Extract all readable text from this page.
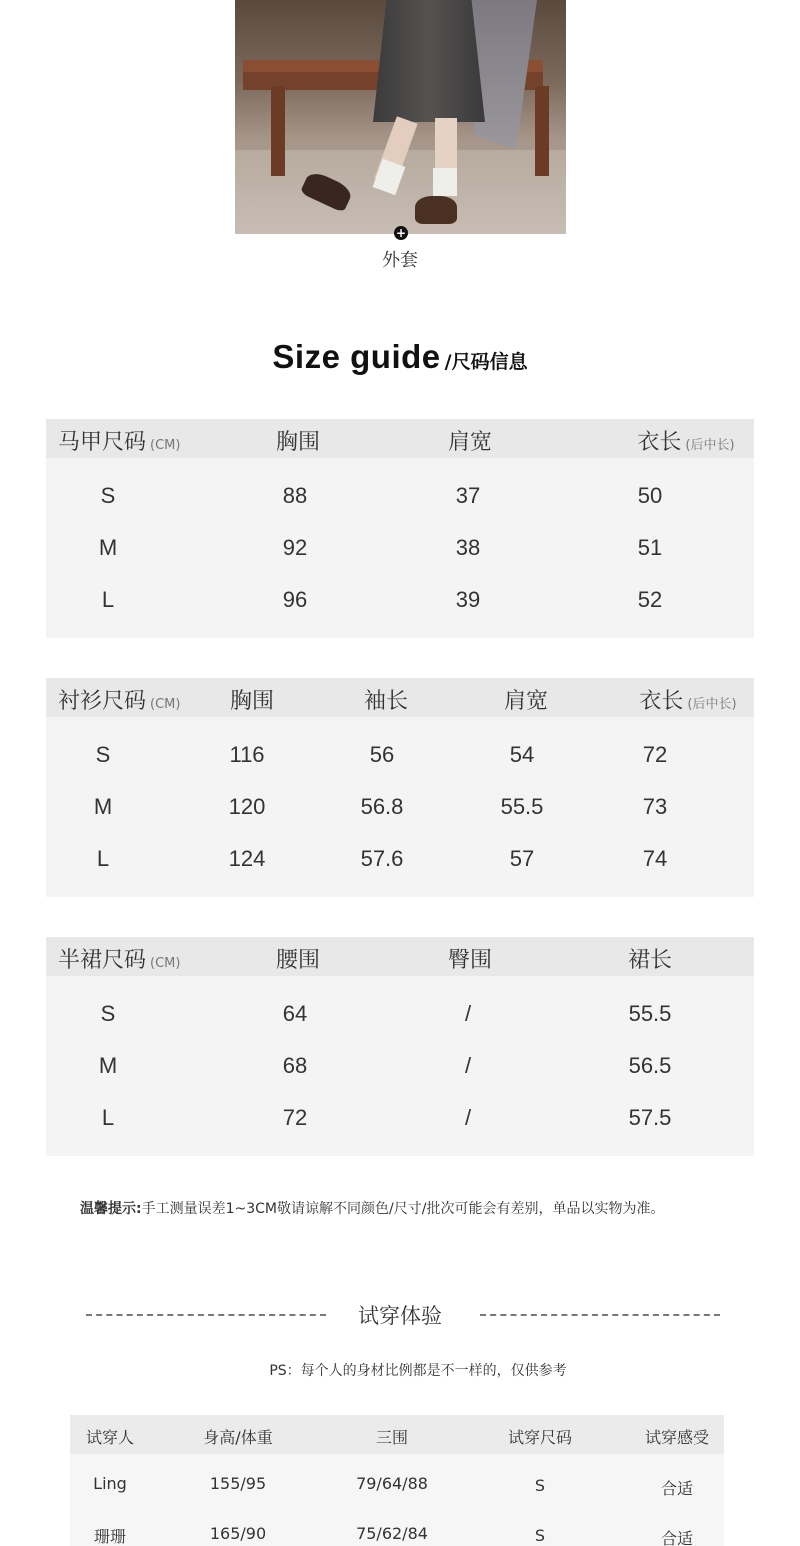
+
外套
Size guide /尺码信息
马甲尺码 (CM)	胸围	肩宽	衣长 (后中长)
S	88	37	50
M	92	38	51
L	96	39	52
衬衫尺码 (CM) 胸围	袖长	肩宽	衣长 (后中长)
S	116	56	54	72
M	120	56.8	55.5	73
L	124	57.6	57	74
半裙尺码 (CM)	腰围	臀围	裙长
S	64	/	55.5
M	68	/	56.5
L	72	/	57.5
温馨提示:手工测量误差1~3CM敬请谅解不同颜色/尺寸/批次可能会有差别，单品以实物为准。
试穿体验
PS：每个人的身材比例都是不一样的，仅供参考
试穿人	身高/体重	三围	试穿尺码	试穿感受
Ling	155/95	79/64/88	S	合适
珊珊	165/90	75/62/84	S	合适
